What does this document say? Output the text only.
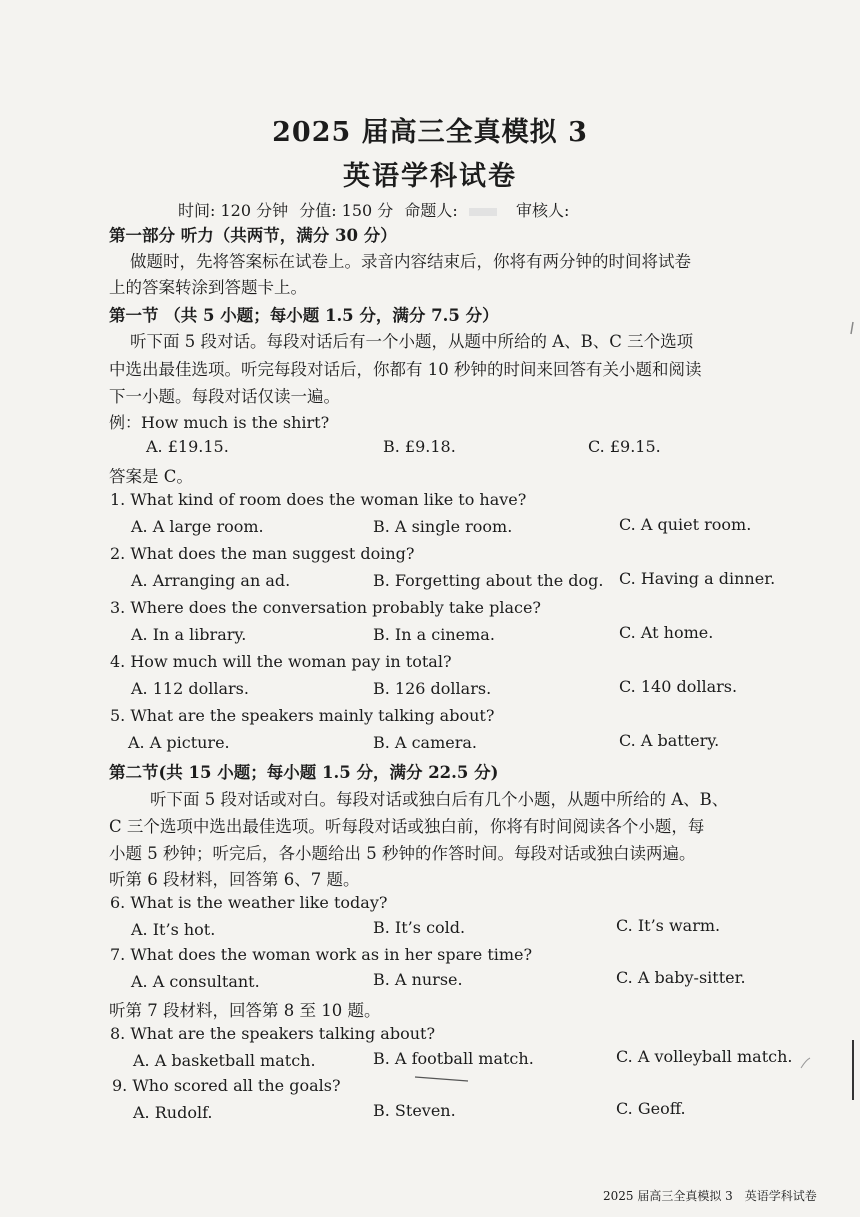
2025 届高三全真模拟 3
英语学科试卷
时间: 120 分钟 分值: 150 分 命题人:	审核人:
第一部分 听力（共两节，满分 30 分）
做题时，先将答案标在试卷上。录音内容结束后，你将有两分钟的时间将试卷
上的答案转涂到答题卡上。
第一节 （共 5 小题；每小题 1.5 分，满分 7.5 分）
听下面 5 段对话。每段对话后有一个小题，从题中所给的 A、B、C 三个选项
中选出最佳选项。听完每段对话后，你都有 10 秒钟的时间来回答有关小题和阅读
下一小题。每段对话仅读一遍。
例：How much is the shirt?
A. £19.15.	B. £9.18.	C. £9.15.
答案是 C。
1. What kind of room does the woman like to have?
A. A large room.	B. A single room.	C. A quiet room.
2. What does the man suggest doing?
A. Arranging an ad.	B. Forgetting about the dog. C. Having a dinner.
3. Where does the conversation probably take place?
A. In a library.	B. In a cinema.	C. At home.
4. How much will the woman pay in total?
A. 112 dollars.	B. 126 dollars.	C. 140 dollars.
5. What are the speakers mainly talking about?
A. A picture.	B. A camera.	C. A battery.
第二节(共 15 小题；每小题 1.5 分，满分 22.5 分)
听下面 5 段对话或对白。每段对话或独白后有几个小题，从题中所给的 A、B、
C 三个选项中选出最佳选项。听每段对话或独白前，你将有时间阅读各个小题，每
小题 5 秒钟；听完后，各小题给出 5 秒钟的作答时间。每段对话或独白读两遍。
听第 6 段材料，回答第 6、7 题。
6. What is the weather like today?
A. It’s hot.	B. It’s cold.	C. It’s warm.
7. What does the woman work as in her spare time?
A. A consultant.	B. A nurse.	C. A baby-sitter.
听第 7 段材料，回答第 8 至 10 题。
8. What are the speakers talking about?
A. A basketball match.	B. A football match.	C. A volleyball match.
9. Who scored all the goals?
A. Rudolf.	B. Steven.	C. Geoff.
2025 届高三全真模拟 3　英语学科试卷
